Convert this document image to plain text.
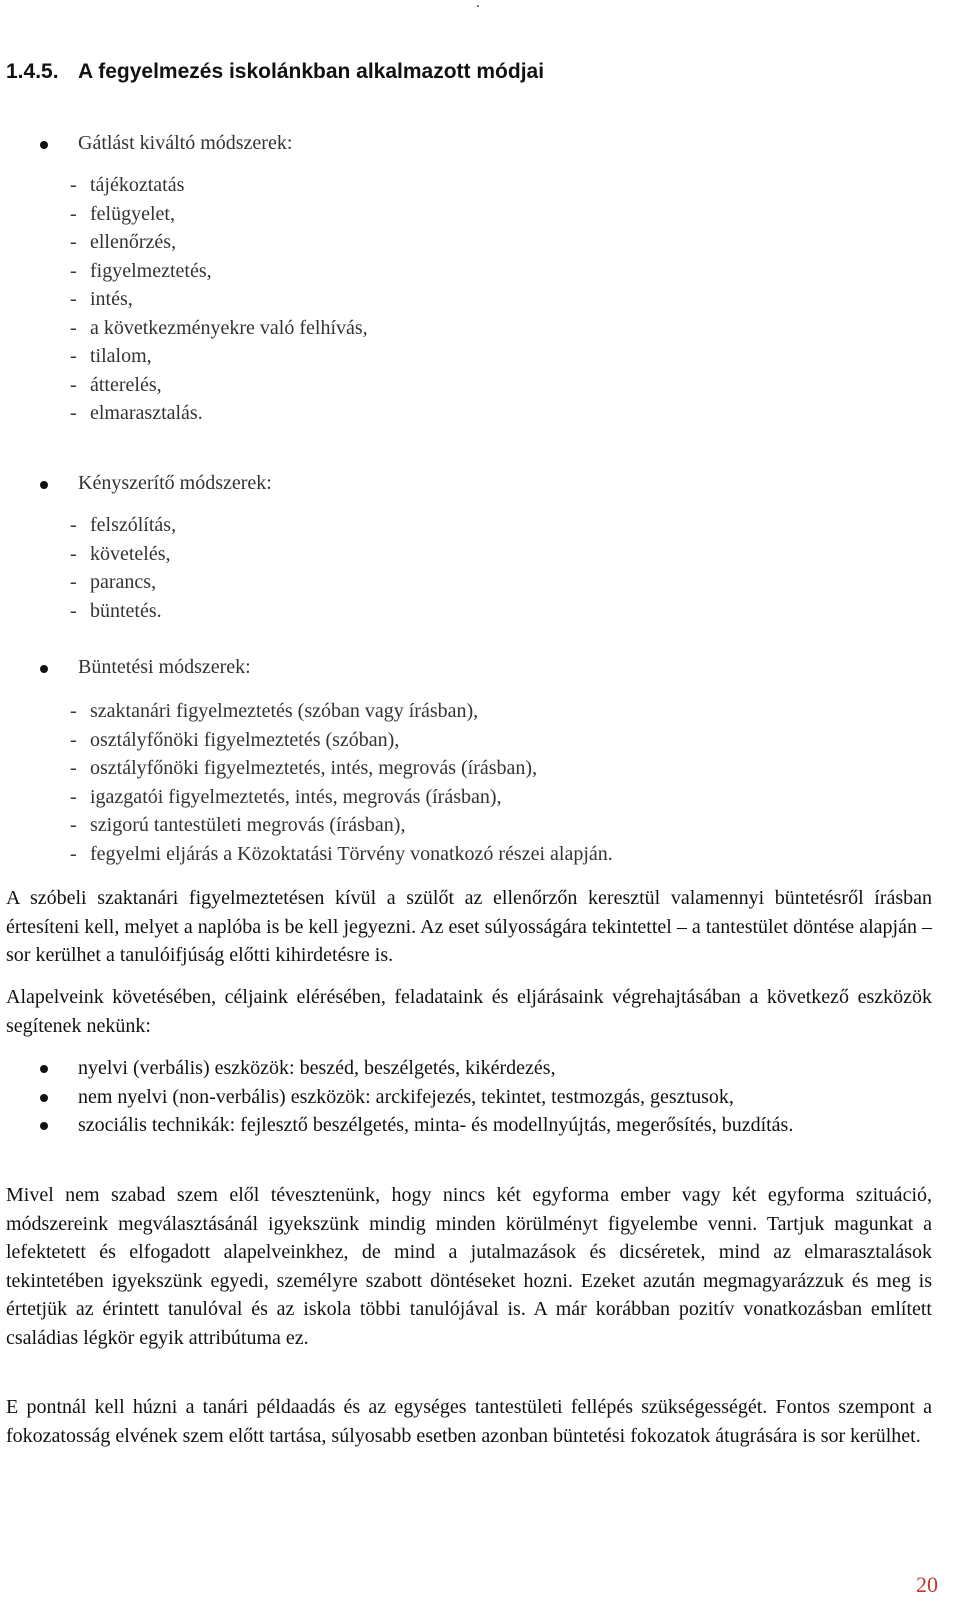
.
1.4.5. A fegyelmezés iskolánkban alkalmazott módjai
Gátlást kiváltó módszerek:
- tájékoztatás
- felügyelet,
- ellenőrzés,
- figyelmeztetés,
- intés,
- a következményekre való felhívás,
- tilalom,
- átterelés,
- elmarasztalás.
Kényszerítő módszerek:
- felszólítás,
- követelés,
- parancs,
- büntetés.
Büntetési módszerek:
- szaktanári figyelmeztetés (szóban vagy írásban),
- osztályfőnöki figyelmeztetés (szóban),
- osztályfőnöki figyelmeztetés, intés, megrovás (írásban),
- igazgatói figyelmeztetés, intés, megrovás (írásban),
- szigorú tantestületi megrovás (írásban),
- fegyelmi eljárás a Közoktatási Törvény vonatkozó részei alapján.

A szóbeli szaktanári figyelmeztetésen kívül a szülőt az ellenőrzőn keresztül valamennyi büntetésről írásban értesíteni kell, melyet a naplóba is be kell jegyezni. Az eset súlyosságára tekintettel – a tantestület döntése alapján – sor kerülhet a tanulóifjúság előtti kihirdetésre is.

Alapelveink követésében, céljaink elérésében, feladataink és eljárásaink végrehajtásában a következő eszközök segítenek nekünk:

nyelvi (verbális) eszközök: beszéd, beszélgetés, kikérdezés,
nem nyelvi (non-verbális) eszközök: arckifejezés, tekintet, testmozgás, gesztusok,
szociális technikák: fejlesztő beszélgetés, minta- és modellnyújtás, megerősítés, buzdítás.

Mivel nem szabad szem elől tévesztenünk, hogy nincs két egyforma ember vagy két egyforma szituáció, módszereink megválasztásánál igyekszünk mindig minden körülményt figyelembe venni. Tartjuk magunkat a lefektetett és elfogadott alapelveinkhez, de mind a jutalmazások és dicséretek, mind az elmarasztalások tekintetében igyekszünk egyedi, személyre szabott döntéseket hozni. Ezeket azután megmagyarázzuk és meg is értetjük az érintett tanulóval és az iskola többi tanulójával is. A már korábban pozitív vonatkozásban említett családias légkör egyik attribútuma ez.

E pontnál kell húzni a tanári példaadás és az egységes tantestületi fellépés szükségességét. Fontos szempont a fokozatosság elvének szem előtt tartása, súlyosabb esetben azonban büntetési fokozatok átugrására is sor kerülhet.

20
